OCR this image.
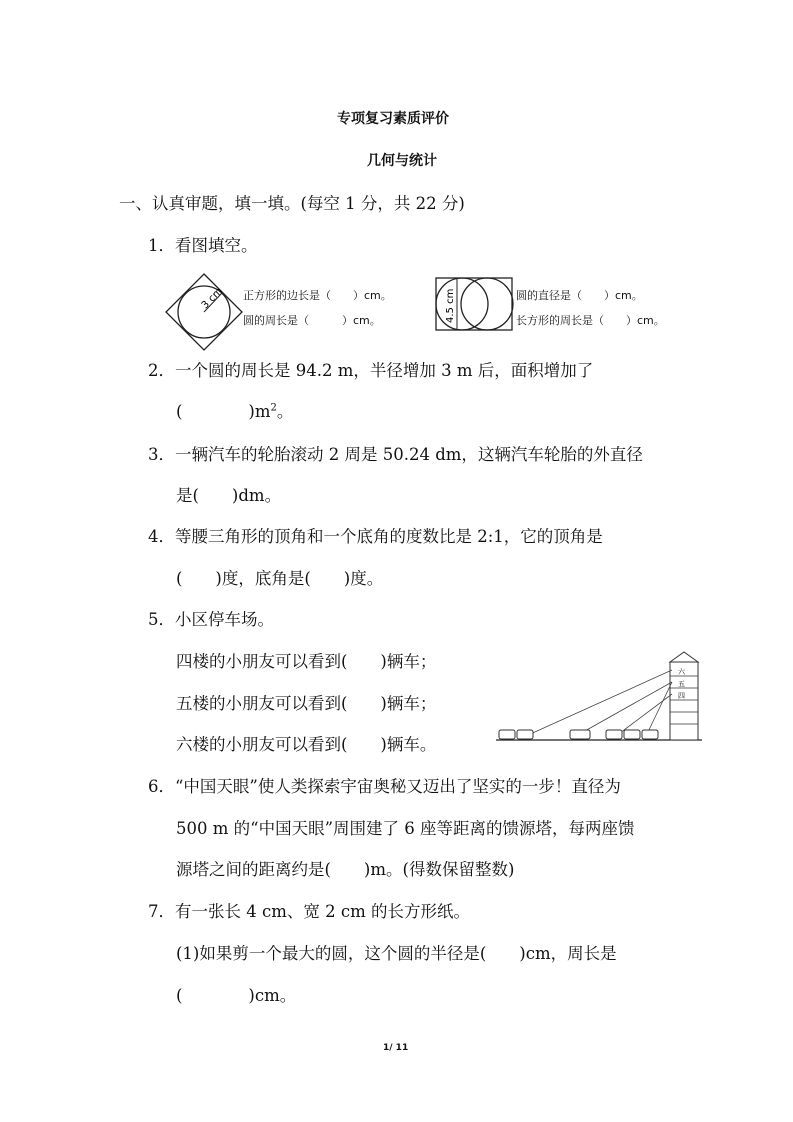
专项复习素质评价
几何与统计
一、认真审题，填一填。(每空 1 分，共 22 分)
1．看图填空。
3 cm 正方形的边长是（　　）cm。
圆的周长是（　　　）cm。	4.5 cm	圆的直径是（　　）cm。
长方形的周长是（　　）cm。
2．一个圆的周长是 94.2 m，半径增加 3 m 后，面积增加了
(　　　　)$m^2$。
3．一辆汽车的轮胎滚动 2 周是 50.24 dm，这辆汽车轮胎的外直径
是(　　)dm。
4．等腰三角形的顶角和一个底角的度数比是 2:1，它的顶角是
(　　)度，底角是(　　)度。
5．小区停车场。
四楼的小朋友可以看到(　　)辆车；
五楼的小朋友可以看到(　　)辆车；
六楼的小朋友可以看到(　　)辆车。
六
五
四
6．“中国天眼”使人类探索宇宙奥秘又迈出了坚实的一步！直径为
500 m 的“中国天眼”周围建了 6 座等距离的馈源塔，每两座馈
源塔之间的距离约是(　　)m。(得数保留整数)
7．有一张长 4 cm、宽 2 cm 的长方形纸。
(1)如果剪一个最大的圆，这个圆的半径是(　　)cm，周长是
(　　　　)cm。
1/ 11
